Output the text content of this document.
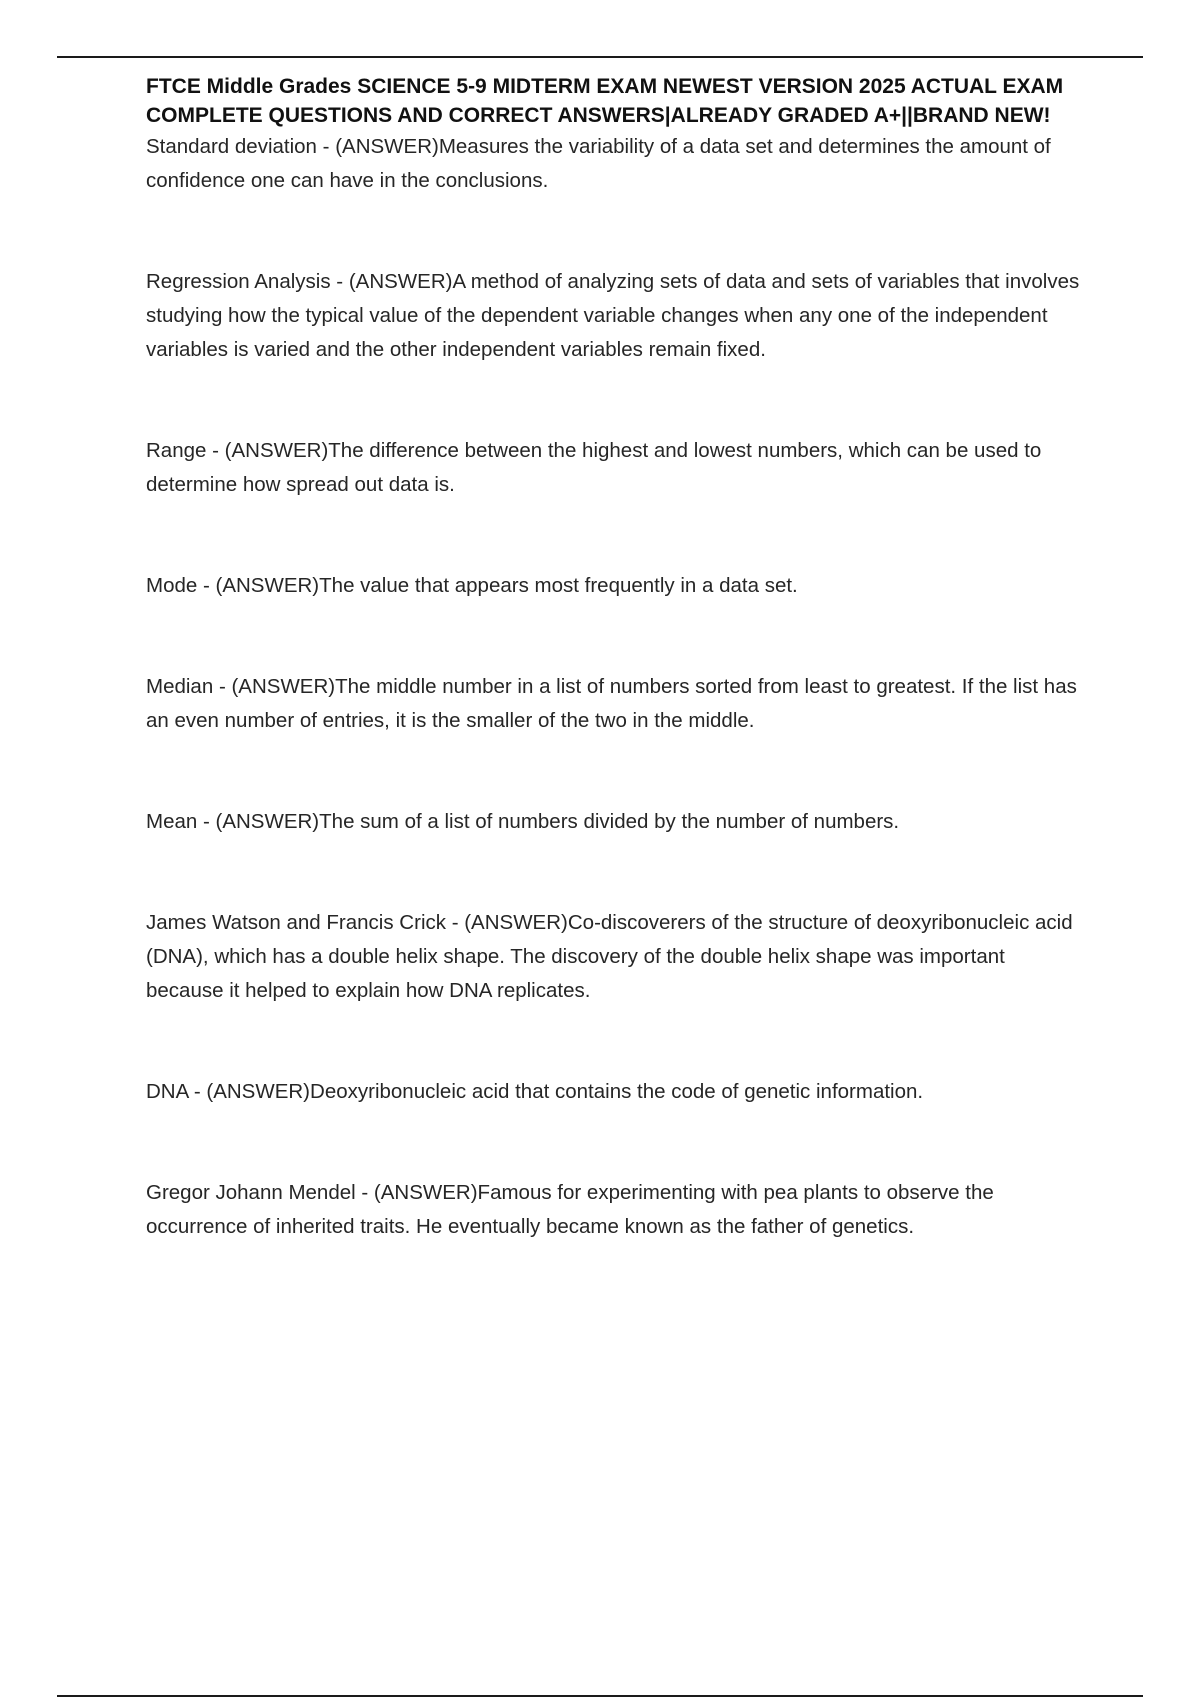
FTCE Middle Grades SCIENCE 5-9 MIDTERM EXAM NEWEST VERSION 2025 ACTUAL EXAM COMPLETE QUESTIONS AND CORRECT ANSWERS|ALREADY GRADED A+||BRAND NEW!

Standard deviation - (ANSWER)Measures the variability of a data set and determines the amount of confidence one can have in the conclusions.

Regression Analysis - (ANSWER)A method of analyzing sets of data and sets of variables that involves studying how the typical value of the dependent variable changes when any one of the independent variables is varied and the other independent variables remain fixed.

Range - (ANSWER)The difference between the highest and lowest numbers, which can be used to determine how spread out data is.

Mode - (ANSWER)The value that appears most frequently in a data set.

Median - (ANSWER)The middle number in a list of numbers sorted from least to greatest. If the list has an even number of entries, it is the smaller of the two in the middle.

Mean - (ANSWER)The sum of a list of numbers divided by the number of numbers.

James Watson and Francis Crick - (ANSWER)Co-discoverers of the structure of deoxyribonucleic acid (DNA), which has a double helix shape. The discovery of the double helix shape was important because it helped to explain how DNA replicates.

DNA - (ANSWER)Deoxyribonucleic acid that contains the code of genetic information.

Gregor Johann Mendel - (ANSWER)Famous for experimenting with pea plants to observe the occurrence of inherited traits. He eventually became known as the father of genetics.
